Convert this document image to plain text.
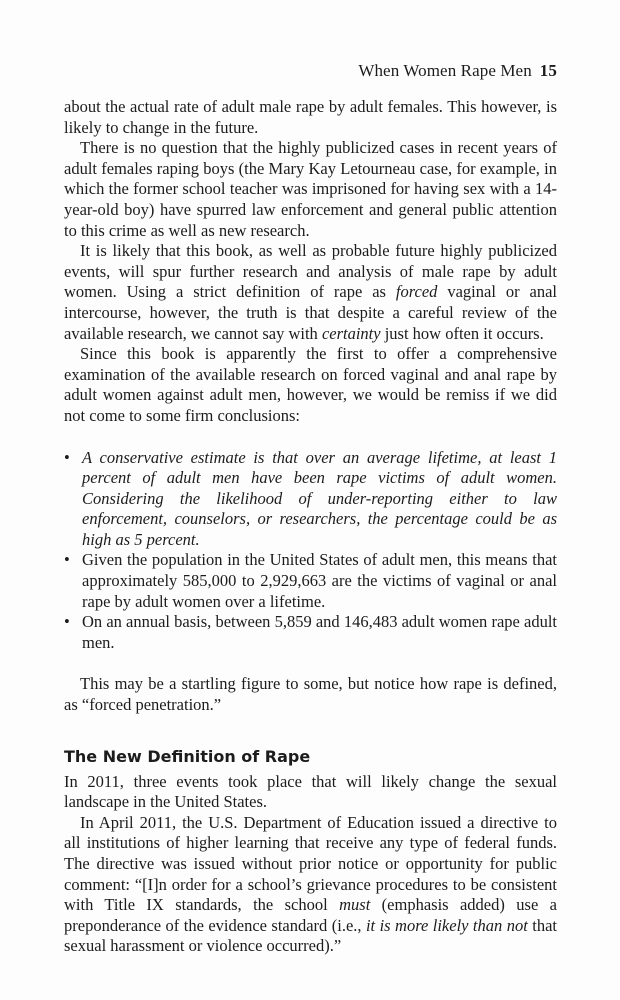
When Women Rape Men 15

about the actual rate of adult male rape by adult females. This however, is likely to change in the future.

There is no question that the highly publicized cases in recent years of adult females raping boys (the Mary Kay Letourneau case, for example, in which the former school teacher was imprisoned for having sex with a 14-year-old boy) have spurred law enforcement and general public attention to this crime as well as new research.

It is likely that this book, as well as probable future highly publicized events, will spur further research and analysis of male rape by adult women. Using a strict definition of rape as forced vaginal or anal intercourse, however, the truth is that despite a careful review of the available research, we cannot say with certainty just how often it occurs.

Since this book is apparently the first to offer a comprehensive examination of the available research on forced vaginal and anal rape by adult women against adult men, however, we would be remiss if we did not come to some firm conclusions:

• A conservative estimate is that over an average lifetime, at least 1 percent of adult men have been rape victims of adult women. Considering the likelihood of under-reporting either to law enforcement, counselors, or researchers, the percentage could be as high as 5 percent.
• Given the population in the United States of adult men, this means that approximately 585,000 to 2,929,663 are the victims of vaginal or anal rape by adult women over a lifetime.
• On an annual basis, between 5,859 and 146,483 adult women rape adult men.

This may be a startling figure to some, but notice how rape is defined, as “forced penetration.”

The New Definition of Rape

In 2011, three events took place that will likely change the sexual landscape in the United States.

In April 2011, the U.S. Department of Education issued a directive to all institutions of higher learning that receive any type of federal funds. The directive was issued without prior notice or opportunity for public comment: “[I]n order for a school’s grievance procedures to be consistent with Title IX standards, the school must (emphasis added) use a preponderance of the evidence standard (i.e., it is more likely than not that sexual harassment or violence occurred).”
